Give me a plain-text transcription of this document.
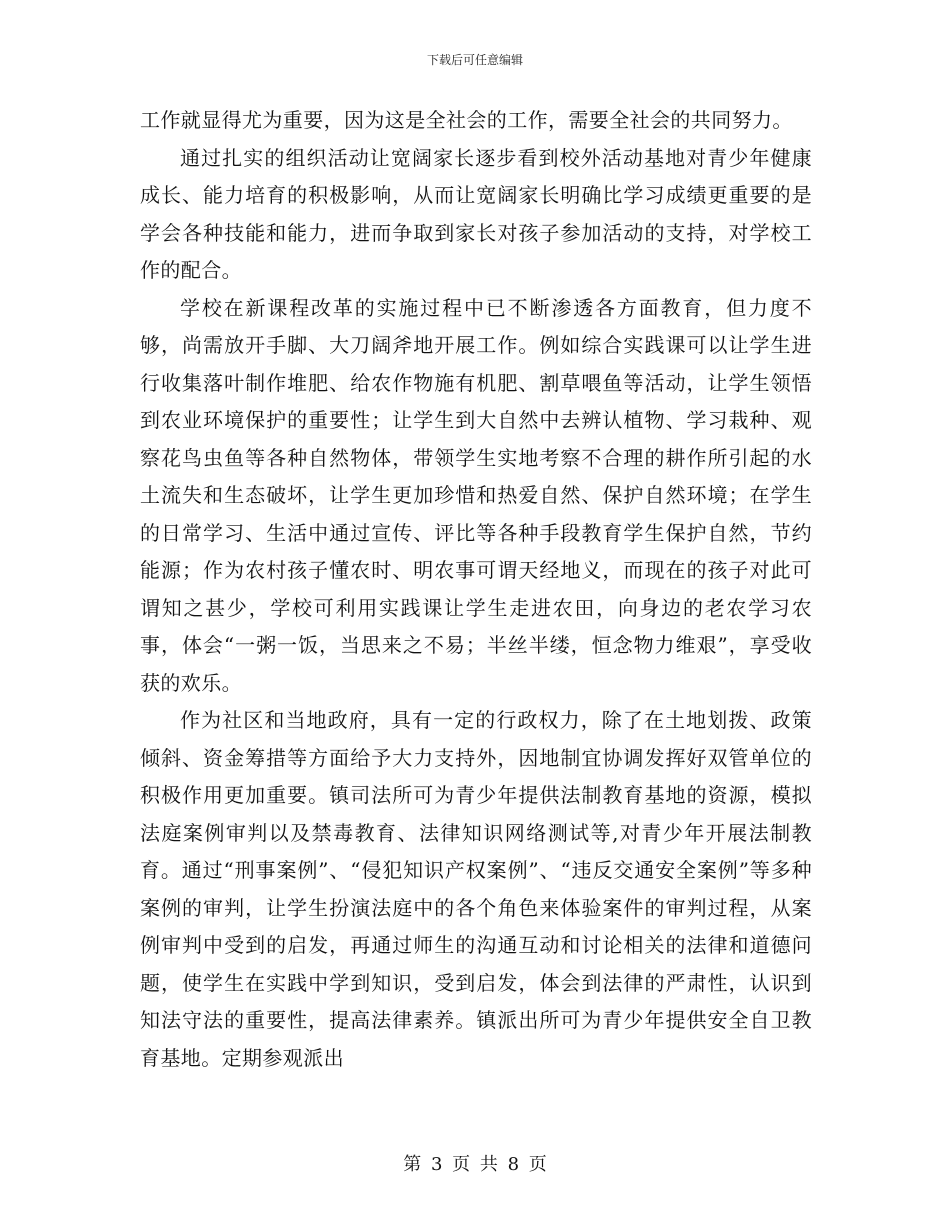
下载后可任意编辑

工作就显得尤为重要，因为这是全社会的工作，需要全社会的共同努力。

通过扎实的组织活动让宽阔家长逐步看到校外活动基地对青少年健康成长、能力培育的积极影响，从而让宽阔家长明确比学习成绩更重要的是学会各种技能和能力，进而争取到家长对孩子参加活动的支持，对学校工作的配合。

学校在新课程改革的实施过程中已不断渗透各方面教育，但力度不够，尚需放开手脚、大刀阔斧地开展工作。例如综合实践课可以让学生进行收集落叶制作堆肥、给农作物施有机肥、割草喂鱼等活动，让学生领悟到农业环境保护的重要性；让学生到大自然中去辨认植物、学习栽种、观察花鸟虫鱼等各种自然物体，带领学生实地考察不合理的耕作所引起的水土流失和生态破坏，让学生更加珍惜和热爱自然、保护自然环境；在学生的日常学习、生活中通过宣传、评比等各种手段教育学生保护自然，节约能源；作为农村孩子懂农时、明农事可谓天经地义，而现在的孩子对此可谓知之甚少，学校可利用实践课让学生走进农田，向身边的老农学习农事，体会“一粥一饭，当思来之不易；半丝半缕，恒念物力维艰”，享受收获的欢乐。

作为社区和当地政府，具有一定的行政权力，除了在土地划拨、政策倾斜、资金筹措等方面给予大力支持外，因地制宜协调发挥好双管单位的积极作用更加重要。镇司法所可为青少年提供法制教育基地的资源，模拟法庭案例审判以及禁毒教育、法律知识网络测试等,对青少年开展法制教育。通过“刑事案例”、“侵犯知识产权案例”、“违反交通安全案例”等多种案例的审判，让学生扮演法庭中的各个角色来体验案件的审判过程，从案例审判中受到的启发，再通过师生的沟通互动和讨论相关的法律和道德问题，使学生在实践中学到知识，受到启发，体会到法律的严肃性，认识到知法守法的重要性，提高法律素养。镇派出所可为青少年提供安全自卫教育基地。定期参观派出

第 3 页 共 8 页
